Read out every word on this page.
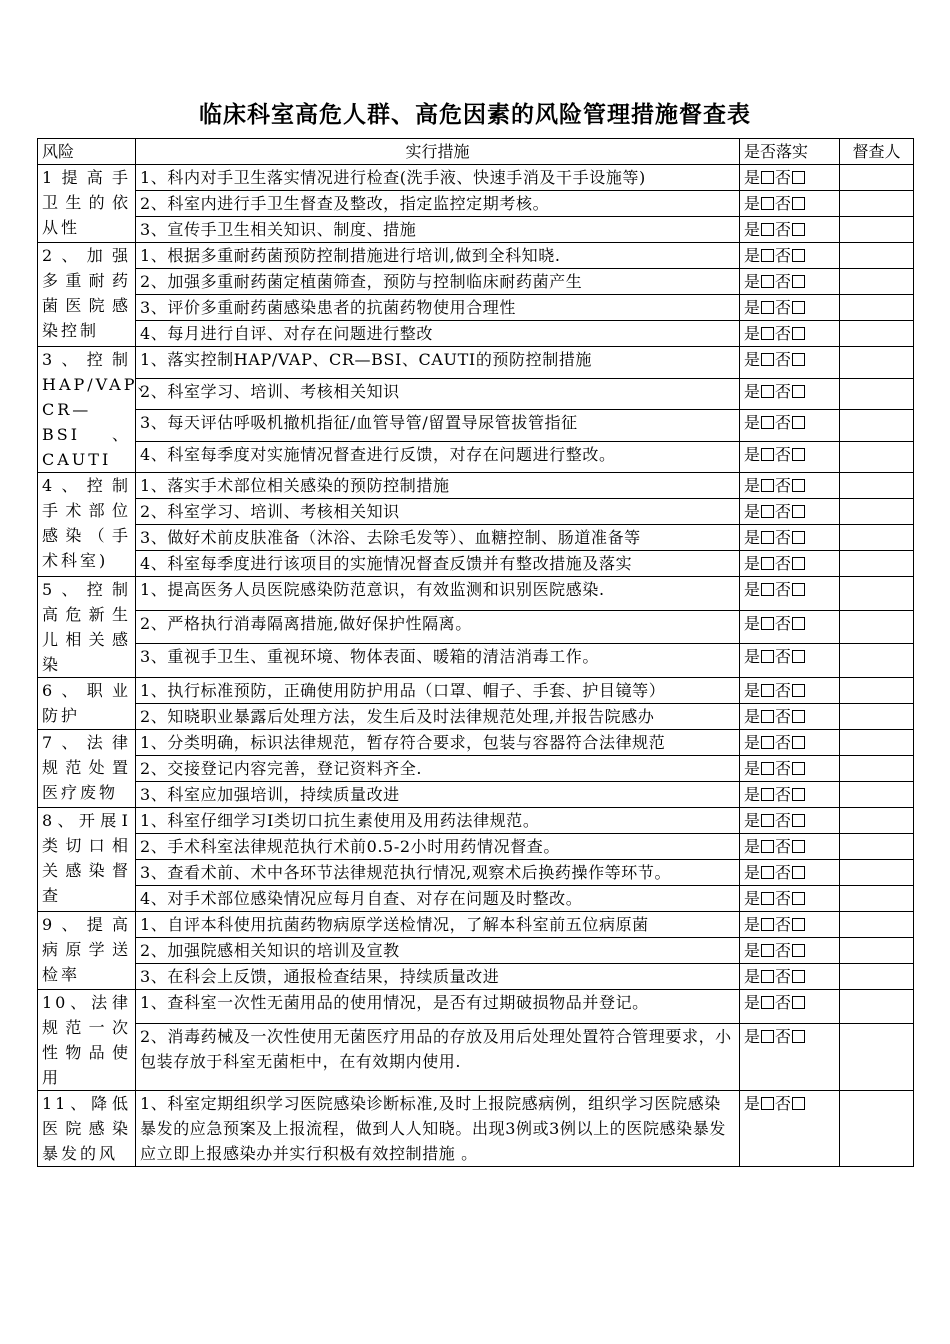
临床科室高危人群、高危因素的风险管理措施督查表
风险	实行措施	是否落实	督查人
1提高手卫生的依从性	1、科内对手卫生落实情况进行检查(洗手液、快速手消及干手设施等)	是 否	
	2、科室内进行手卫生督查及整改，指定监控定期考核。	是 否	
	3、宣传手卫生相关知识、制度、措施	是 否	
2、加强多重耐药菌医院感染控制	1、根据多重耐药菌预防控制措施进行培训,做到全科知晓.	是 否	
	2、加强多重耐药菌定植菌筛查，预防与控制临床耐药菌产生	是 否	
	3、评价多重耐药菌感染患者的抗菌药物使用合理性	是 否	
	4、每月进行自评、对存在问题进行整改	是 否	
3、控制HAP/VAP、CR—BSI、CAUTI	1、落实控制HAP/VAP、CR—BSI、CAUTI的预防控制措施	是 否	
	2、科室学习、培训、考核相关知识	是 否	
	3、每天评估呼吸机撤机指征/血管导管/留置导尿管拔管指征	是 否	
	4、科室每季度对实施情况督查进行反馈，对存在问题进行整改。	是 否	
4、控制手术部位感染（手术科室)	1、落实手术部位相关感染的预防控制措施	是 否	
	2、科室学习、培训、考核相关知识	是 否	
	3、做好术前皮肤准备（沐浴、去除毛发等）、血糖控制、肠道准备等	是 否	
	4、科室每季度进行该项目的实施情况督查反馈并有整改措施及落实	是 否	
5、控制高危新生儿相关感染	1、提高医务人员医院感染防范意识，有效监测和识别医院感染.	是 否	
	2、严格执行消毒隔离措施,做好保护性隔离。	是 否	
	3、重视手卫生、重视环境、物体表面、暖箱的清洁消毒工作。	是 否	
6、职业防护	1、执行标准预防，正确使用防护用品（口罩、帽子、手套、护目镜等）	是 否	
	2、知晓职业暴露后处理方法，发生后及时法律规范处理,并报告院感办	是 否	
7、法律规范处置医疗废物	1、分类明确，标识法律规范，暂存符合要求，包装与容器符合法律规范	是 否	
	2、交接登记内容完善，登记资料齐全.	是 否	
	3、科室应加强培训，持续质量改进	是 否	
8、开展Ⅰ类切口相关感染督查	1、科室仔细学习Ⅰ类切口抗生素使用及用药法律规范。	是 否	
	2、手术科室法律规范执行术前0.5-2小时用药情况督查。	是 否	
	3、查看术前、术中各环节法律规范执行情况,观察术后换药操作等环节。	是 否	
	4、对手术部位感染情况应每月自查、对存在问题及时整改。	是 否	
9、提高病原学送检率	1、自评本科使用抗菌药物病原学送检情况，了解本科室前五位病原菌	是 否	
	2、加强院感相关知识的培训及宣教	是 否	
	3、在科会上反馈，通报检查结果，持续质量改进	是 否	
10、法律规范一次性物品使用	1、查科室一次性无菌用品的使用情况，是否有过期破损物品并登记。	是 否	
	2、消毒药械及一次性使用无菌医疗用品的存放及用后处理处置符合管理要求，小包装存放于科室无菌柜中，在有效期内使用.	是 否	
11、降低医院感染暴发的风	1、科室定期组织学习医院感染诊断标准,及时上报院感病例，组织学习医院感染暴发的应急预案及上报流程，做到人人知晓。出现3例或3例以上的医院感染暴发应立即上报感染办并实行积极有效控制措施 。	是 否	
